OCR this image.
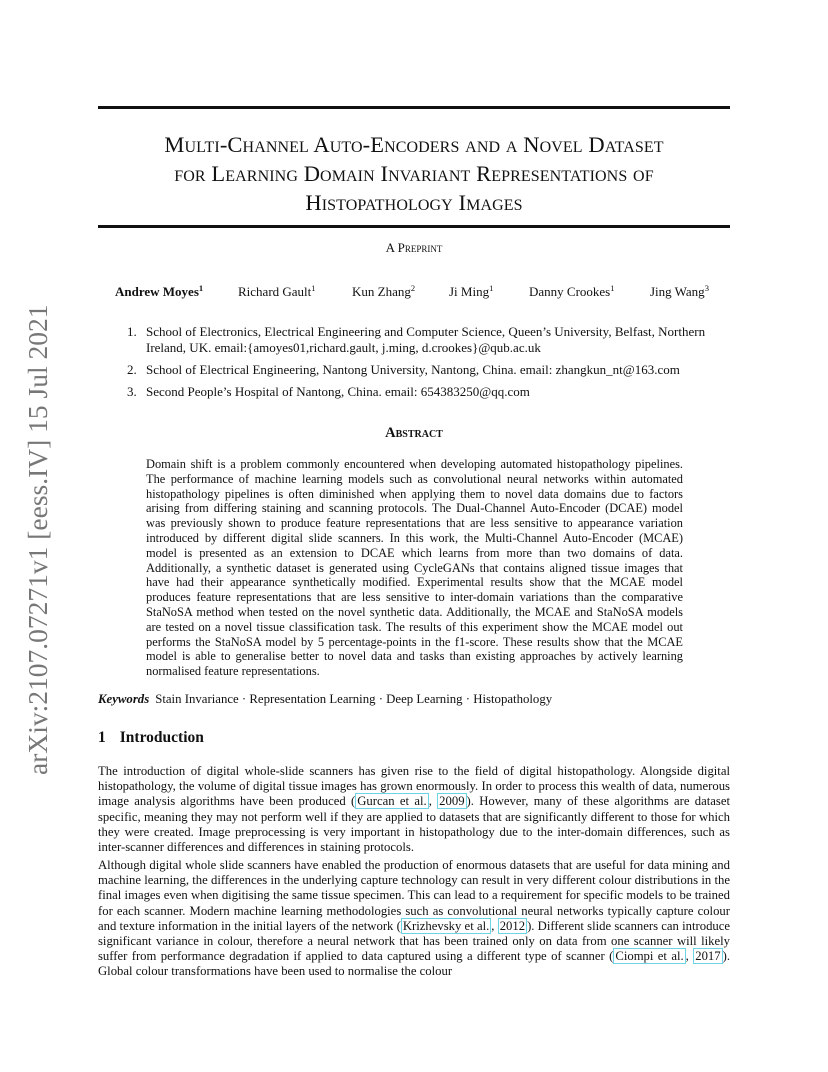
arXiv:2107.07271v1 [eess.IV] 15 Jul 2021
Multi-Channel Auto-Encoders and a Novel Dataset
for Learning Domain Invariant Representations of
Histopathology Images
A Preprint
Andrew Moyes$^1$	Richard Gault$^1$	Kun Zhang$^2$	Ji Ming$^1$	Danny Crookes$^1$	Jing Wang$^3$
1. School of Electronics, Electrical Engineering and Computer Science, Queen’s University, Belfast, Northern Ireland, UK. email:{amoyes01,richard.gault, j.ming, d.crookes}@qub.ac.uk
2. School of Electrical Engineering, Nantong University, Nantong, China. email: zhangkun_nt@163.com
3. Second People’s Hospital of Nantong, China. email: 654383250@qq.com
Abstract
Domain shift is a problem commonly encountered when developing automated histopathology pipelines. The performance of machine learning models such as convolutional neural networks within automated histopathology pipelines is often diminished when applying them to novel data domains due to factors arising from differing staining and scanning protocols. The Dual-Channel Auto-Encoder (DCAE) model was previously shown to produce feature representations that are less sensitive to appearance variation introduced by different digital slide scanners. In this work, the Multi-Channel Auto-Encoder (MCAE) model is presented as an extension to DCAE which learns from more than two domains of data. Additionally, a synthetic dataset is generated using CycleGANs that contains aligned tissue images that have had their appearance synthetically modified. Experimental results show that the MCAE model produces feature representations that are less sensitive to inter-domain variations than the comparative StaNoSA method when tested on the novel synthetic data. Additionally, the MCAE and StaNoSA models are tested on a novel tissue classification task. The results of this experiment show the MCAE model out performs the StaNoSA model by 5 percentage-points in the f1-score. These results show that the MCAE model is able to generalise better to novel data and tasks than existing approaches by actively learning normalised feature representations.
Keywords Stain Invariance · Representation Learning · Deep Learning · Histopathology
1 Introduction
The introduction of digital whole-slide scanners has given rise to the field of digital histopathology. Alongside digital histopathology, the volume of digital tissue images has grown enormously. In order to process this wealth of data, numerous image analysis algorithms have been produced ( Gurcan et al. , 2009 ). However, many of these algorithms are dataset specific, meaning they may not perform well if they are applied to datasets that are significantly different to those for which they were created. Image preprocessing is very important in histopathology due to the inter-domain differences, such as inter-scanner differences and differences in staining protocols.
Although digital whole slide scanners have enabled the production of enormous datasets that are useful for data mining and machine learning, the differences in the underlying capture technology can result in very different colour distributions in the final images even when digitising the same tissue specimen. This can lead to a requirement for specific models to be trained for each scanner. Modern machine learning methodologies such as convolutional neural networks typically capture colour and texture information in the initial layers of the network ( Krizhevsky et al. , 2012 ). Different slide scanners can introduce significant variance in colour, therefore a neural network that has been trained only on data from one scanner will likely suffer from performance degradation if applied to data captured using a different type of scanner ( Ciompi et al. , 2017 ). Global colour transformations have been used to normalise the colour
